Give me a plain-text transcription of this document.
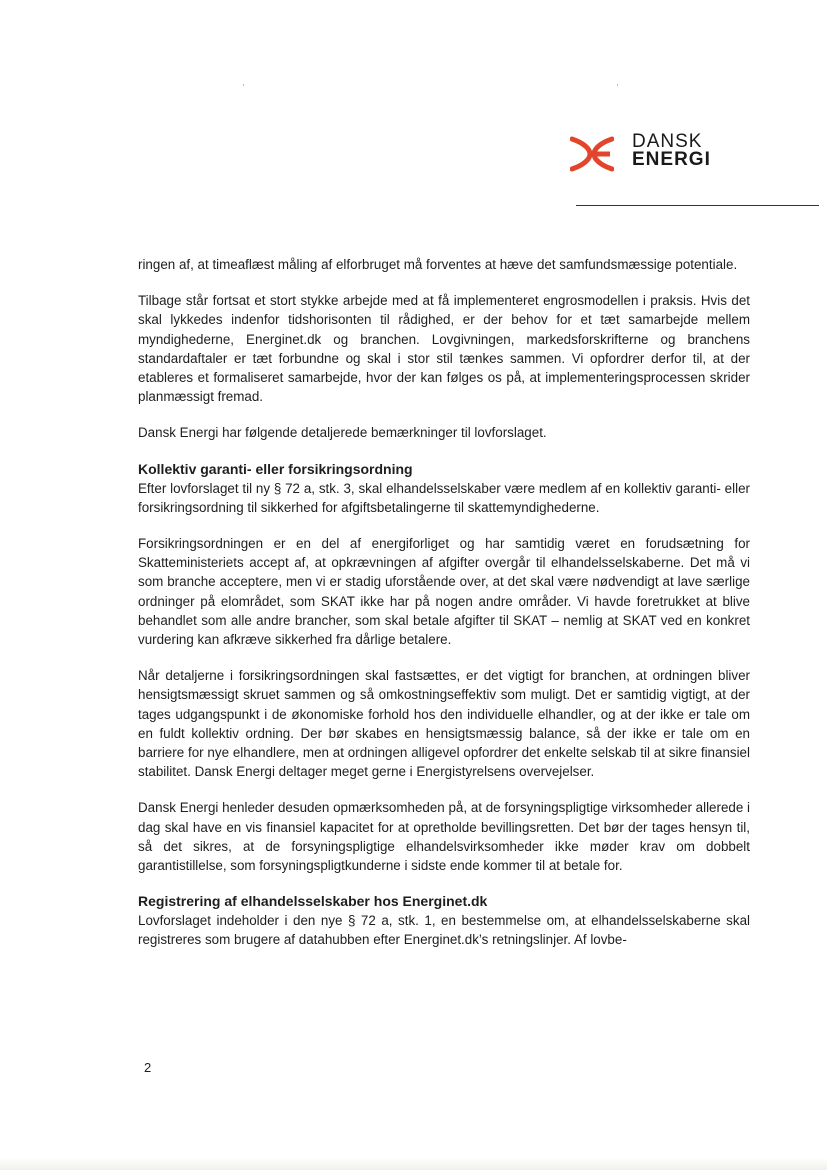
DANSK
ENERGI

ringen af, at timeaflæst måling af elforbruget må forventes at hæve det samfundsmæssige potentiale.

Tilbage står fortsat et stort stykke arbejde med at få implementeret engrosmodellen i praksis. Hvis det skal lykkedes indenfor tidshorisonten til rådighed, er der behov for et tæt samarbejde mellem myndighederne, Energinet.dk og branchen. Lovgivningen, markedsforskrifterne og branchens standardaftaler er tæt forbundne og skal i stor stil tænkes sammen. Vi opfordrer derfor til, at der etableres et formaliseret samarbejde, hvor der kan følges os på, at implementeringsprocessen skrider planmæssigt fremad.

Dansk Energi har følgende detaljerede bemærkninger til lovforslaget.

Kollektiv garanti- eller forsikringsordning

Efter lovforslaget til ny § 72 a, stk. 3, skal elhandelsselskaber være medlem af en kollektiv garanti- eller forsikringsordning til sikkerhed for afgiftsbetalingerne til skattemyndighederne.

Forsikringsordningen er en del af energiforliget og har samtidig været en forudsætning for Skatteministeriets accept af, at opkrævningen af afgifter overgår til elhandelsselskaberne. Det må vi som branche acceptere, men vi er stadig uforstående over, at det skal være nødvendigt at lave særlige ordninger på elområdet, som SKAT ikke har på nogen andre områder. Vi havde foretrukket at blive behandlet som alle andre brancher, som skal betale afgifter til SKAT – nemlig at SKAT ved en konkret vurdering kan afkræve sikkerhed fra dårlige betalere.

Når detaljerne i forsikringsordningen skal fastsættes, er det vigtigt for branchen, at ordningen bliver hensigtsmæssigt skruet sammen og så omkostningseffektiv som muligt. Det er samtidig vigtigt, at der tages udgangspunkt i de økonomiske forhold hos den individuelle elhandler, og at der ikke er tale om en fuldt kollektiv ordning. Der bør skabes en hensigtsmæssig balance, så der ikke er tale om en barriere for nye elhandlere, men at ordningen alligevel opfordrer det enkelte selskab til at sikre finansiel stabilitet. Dansk Energi deltager meget gerne i Energistyrelsens overvejelser.

Dansk Energi henleder desuden opmærksomheden på, at de forsyningspligtige virksomheder allerede i dag skal have en vis finansiel kapacitet for at opretholde bevillingsretten. Det bør der tages hensyn til, så det sikres, at de forsyningspligtige elhandelsvirksomheder ikke møder krav om dobbelt garantistillelse, som forsyningspligtkunderne i sidste ende kommer til at betale for.

Registrering af elhandelsselskaber hos Energinet.dk

Lovforslaget indeholder i den nye § 72 a, stk. 1, en bestemmelse om, at elhandelsselskaberne skal registreres som brugere af datahubben efter Energinet.dk’s retningslinjer. Af lovbe-

2
